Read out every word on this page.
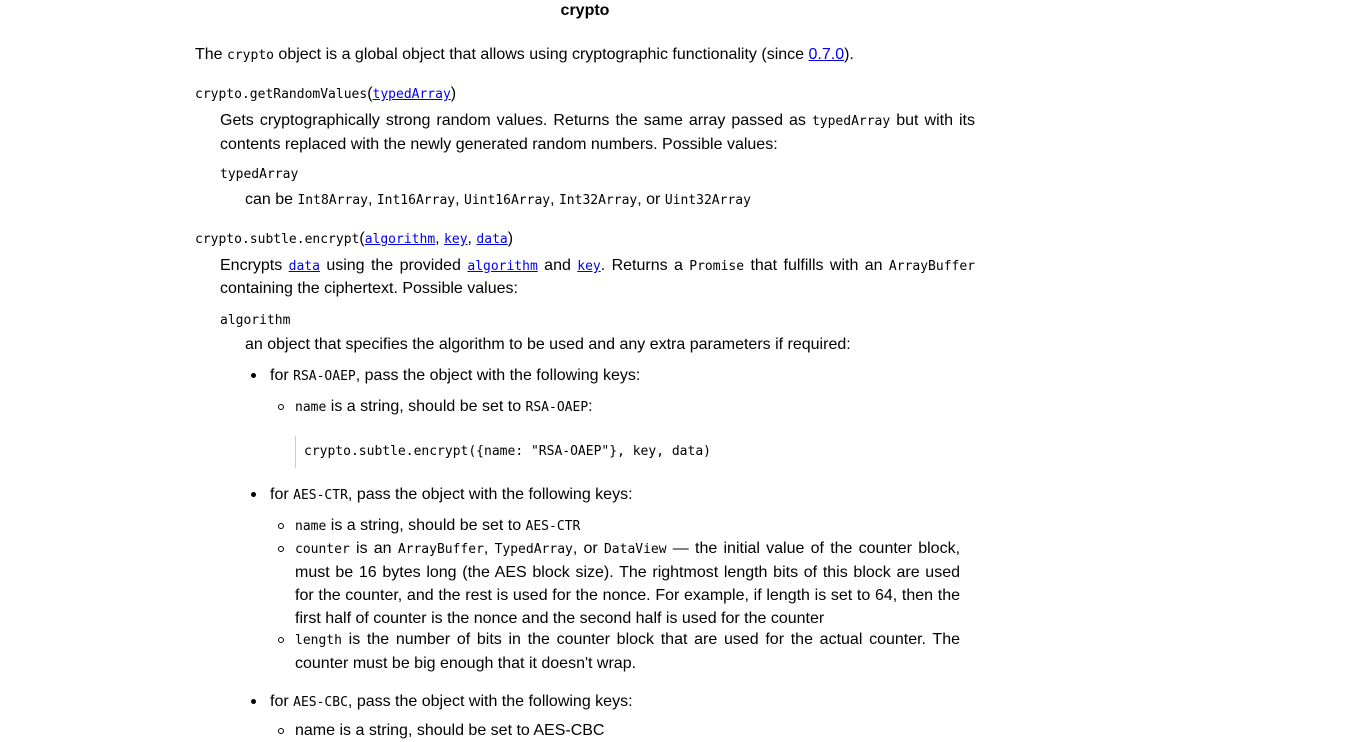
crypto
The crypto object is a global object that allows using cryptographic functionality (since 0.7.0).
crypto.getRandomValues(typedArray)
Gets cryptographically strong random values. Returns the same array passed as typedArray but with its contents replaced with the newly generated random numbers. Possible values:
typedArray
can be Int8Array, Int16Array, Uint16Array, Int32Array, or Uint32Array
crypto.subtle.encrypt(algorithm, key, data)
Encrypts data using the provided algorithm and key. Returns a Promise that fulfills with an ArrayBuffer
containing the ciphertext. Possible values:
algorithm
an object that specifies the algorithm to be used and any extra parameters if required:
for RSA-OAEP, pass the object with the following keys:
name is a string, should be set to RSA-OAEP:
crypto.subtle.encrypt({name: "RSA-OAEP"}, key, data)
for AES-CTR, pass the object with the following keys:
name is a string, should be set to AES-CTR
counter is an ArrayBuffer, TypedArray, or DataView — the initial value of the counter block, must be 16 bytes long (the AES block size). The rightmost length bits of this block are used for the counter, and the rest is used for the nonce. For example, if length is set to 64, then the first half of counter is the nonce and the second half is used for the counter
length is the number of bits in the counter block that are used for the actual counter. The counter must be big enough that it doesn't wrap.
for AES-CBC, pass the object with the following keys:
name is a string, should be set to AES-CBC
